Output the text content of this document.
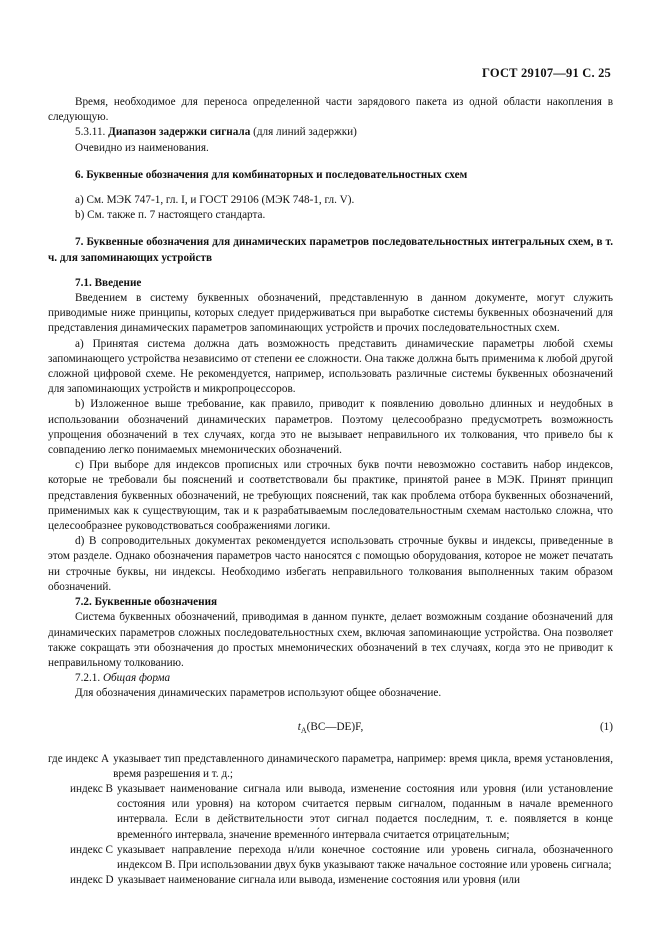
ГОСТ 29107—91 С. 25

Время, необходимое для переноса определенной части зарядового пакета из одной области накопления в следующую.

5.3.11. Диапазон задержки сигнала (для линий задержки)

Очевидно из наименования.

6. Буквенные обозначения для комбинаторных и последовательностных схем

a) См. МЭК 747-1, гл. I, и ГОСТ 29106 (МЭК 748-1, гл. V).

b) См. также п. 7 настоящего стандарта.

7. Буквенные обозначения для динамических параметров последовательностных интегральных схем, в т. ч. для запоминающих устройств

7.1. Введение

Введением в систему буквенных обозначений, представленную в данном документе, могут служить приводимые ниже принципы, которых следует придерживаться при выработке системы буквенных обозначений для представления динамических параметров запоминающих устройств и прочих последовательностных схем.

a) Принятая система должна дать возможность представить динамические параметры любой схемы запоминающего устройства независимо от степени ее сложности. Она также должна быть применима к любой другой сложной цифровой схеме. Не рекомендуется, например, использовать различные системы буквенных обозначений для запоминающих устройств и микропроцессоров.

b) Изложенное выше требование, как правило, приводит к появлению довольно длинных и неудобных в использовании обозначений динамических параметров. Поэтому целесообразно предусмотреть возможность упрощения обозначений в тех случаях, когда это не вызывает неправильного их толкования, что привело бы к совпадению легко понимаемых мнемонических обозначений.

c) При выборе для индексов прописных или строчных букв почти невозможно составить набор индексов, которые не требовали бы пояснений и соответствовали бы практике, принятой ранее в МЭК. Принят принцип представления буквенных обозначений, не требующих пояснений, так как проблема отбора буквенных обозначений, применимых как к существующим, так и к разрабатываемым последовательностным схемам настолько сложна, что целесообразнее руководствоваться соображениями логики.

d) В сопроводительных документах рекомендуется использовать строчные буквы и индексы, приведенные в этом разделе. Однако обозначения параметров часто наносятся с помощью оборудования, которое не может печатать ни строчные буквы, ни индексы. Необходимо избегать неправильного толкования выполненных таким образом обозначений.

7.2. Буквенные обозначения

Система буквенных обозначений, приводимая в данном пункте, делает возможным создание обозначений для динамических параметров сложных последовательностных схем, включая запоминающие устройства. Она позволяет также сокращать эти обозначения до простых мнемонических обозначений в тех случаях, когда это не приводит к неправильному толкованию.

7.2.1. Общая форма

Для обозначения динамических параметров используют общее обозначение.

$t_A(BC—DE)F$,	(1)
где индекс A указывает тип представленного динамического параметра, например: время цикла, время установления, время разрешения и т. д.;
индекс B указывает наименование сигнала или вывода, изменение состояния или уровня (или установление состояния или уровня) на котором считается первым сигналом, поданным в начале временного интервала. Если в действительности этот сигнал подается последним, т. е. появляется в конце временно́го интервала, значение временно́го интервала считается отрицательным;
индекс C указывает направление перехода н/или конечное состояние или уровень сигнала, обозначенного индексом B. При использовании двух букв указывают также начальное состояние или уровень сигнала;
индекс D указывает наименование сигнала или вывода, изменение состояния или уровня (или
